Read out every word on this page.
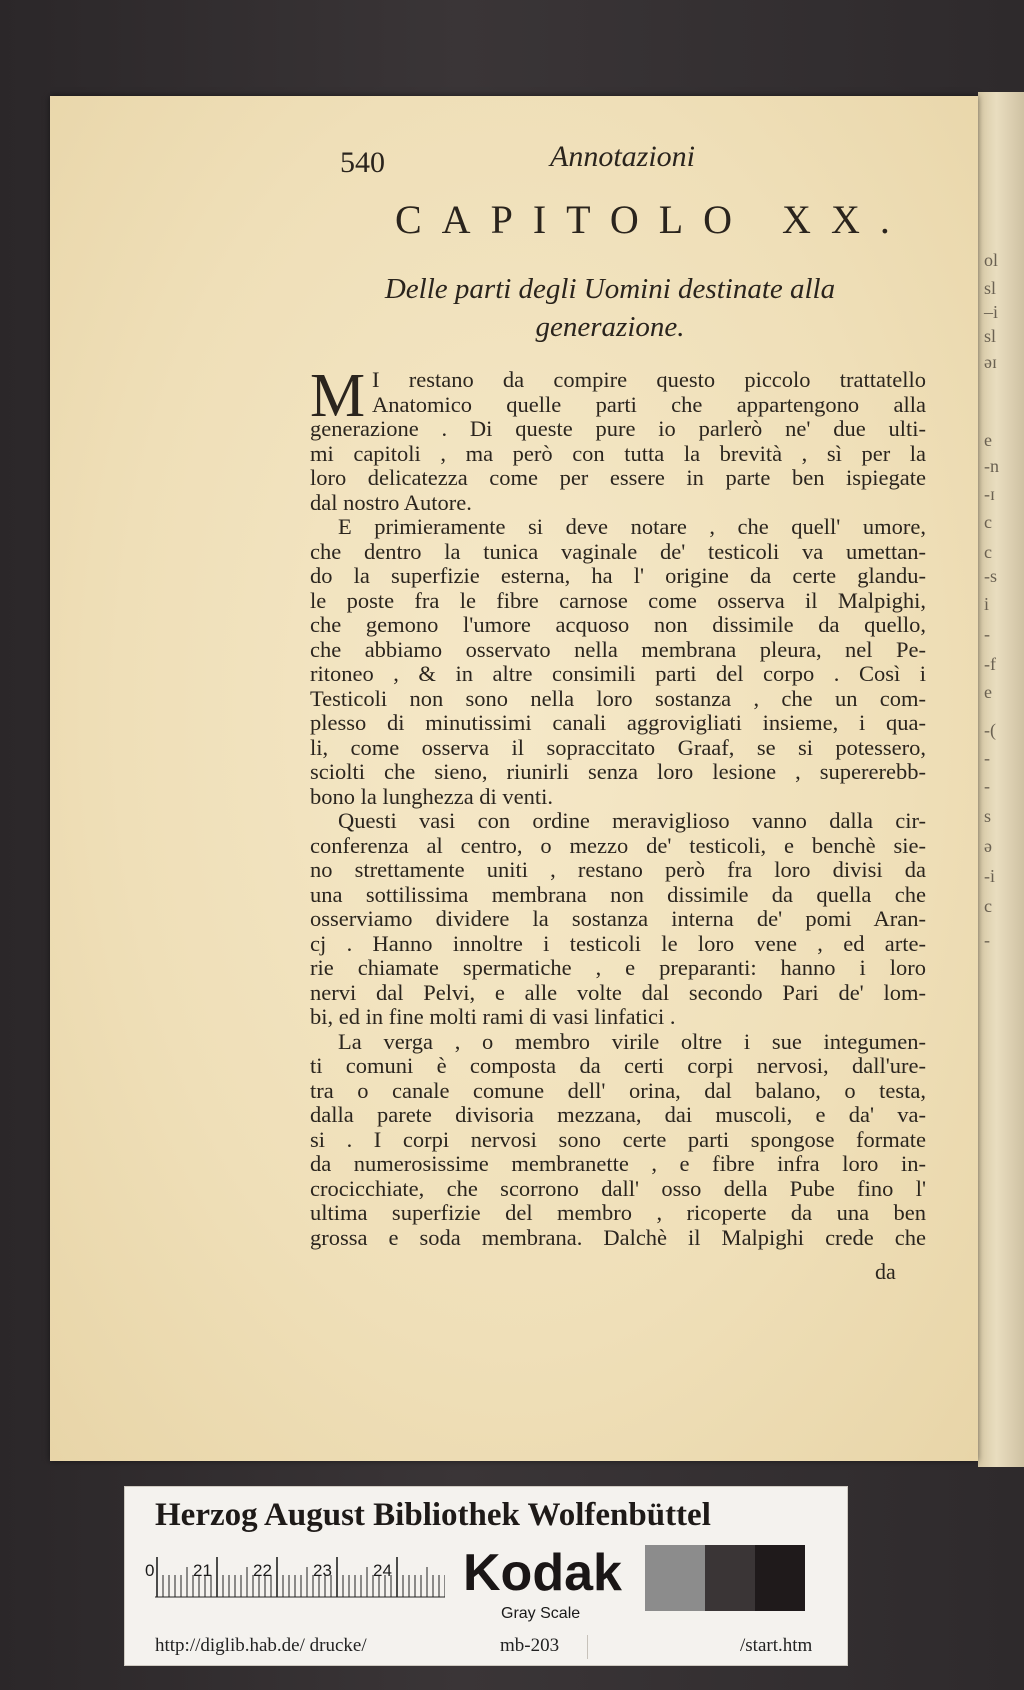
ol
sl
–i
sl
əɪ
e
-n
-ɪ
c
c
-s
i
-
-f
e
-(
-
-
s
ə
-i
c
-
540	Annotazioni
CAPITOLO XX.
Delle parti degli Uomini destinate alla
generazione.
M I restano da compire questo piccolo trattatello
Anatomico quelle parti che appartengono alla
generazione . Di queste pure io parlerò ne' due ulti-
mi capitoli , ma però con tutta la brevità , sì per la
loro delicatezza come per essere in parte ben ispiegate
dal nostro Autore.
E primieramente si deve notare , che quell' umore,
che dentro la tunica vaginale de' testicoli va umettan-
do la superfizie esterna, ha l' origine da certe glandu-
le poste fra le fibre carnose come osserva il Malpighi,
che gemono l'umore acquoso non dissimile da quello,
che abbiamo osservato nella membrana pleura, nel Pe-
ritoneo , & in altre consimili parti del corpo . Così i
Testicoli non sono nella loro sostanza , che un com-
plesso di minutissimi canali aggrovigliati insieme, i qua-
li, come osserva il sopraccitato Graaf, se si potessero,
sciolti che sieno, riunirli senza loro lesione , supererebb-
bono la lunghezza di venti.
Questi vasi con ordine meraviglioso vanno dalla cir-
conferenza al centro, o mezzo de' testicoli, e benchè sie-
no strettamente uniti , restano però fra loro divisi da
una sottilissima membrana non dissimile da quella che
osserviamo dividere la sostanza interna de' pomi Aran-
cj . Hanno innoltre i testicoli le loro vene , ed arte-
rie chiamate spermatiche , e preparanti: hanno i loro
nervi dal Pelvi, e alle volte dal secondo Pari de' lom-
bi, ed in fine molti rami di vasi linfatici .
La verga , o membro virile oltre i sue integumen-
ti comuni è composta da certi corpi nervosi, dall'ure-
tra o canale comune dell' orina, dal balano, o testa,
dalla parete divisoria mezzana, dai muscoli, e da' va-
si . I corpi nervosi sono certe parti spongose formate
da numerosissime membranette , e fibre infra loro in-
crocicchiate, che scorrono dall' osso della Pube fino l'
ultima superfizie del membro , ricoperte da una ben
grossa e soda membrana. Dalchè il Malpighi crede che
da
Herzog August Bibliothek Wolfenbüttel
0 21 22 23 24 Kodak
Gray Scale
http://diglib.hab.de/ drucke/	mb-203	/start.htm
